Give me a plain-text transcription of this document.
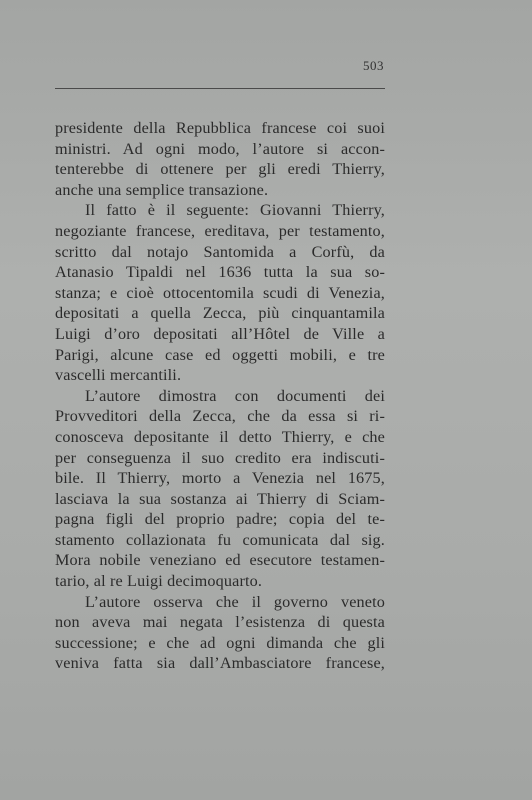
503
presidente della Repubblica francese coi suoi
ministri. Ad ogni modo, l’autore si accon-
tenterebbe di ottenere per gli eredi Thierry,
anche una semplice transazione.
Il fatto è il seguente: Giovanni Thierry,
negoziante francese, ereditava, per testamento,
scritto dal notajo Santomida a Corfù, da
Atanasio Tipaldi nel 1636 tutta la sua so-
stanza; e cioè ottocentomila scudi di Venezia,
depositati a quella Zecca, più cinquantamila
Luigi d’oro depositati all’Hôtel de Ville a
Parigi, alcune case ed oggetti mobili, e tre
vascelli mercantili.
L’autore dimostra con documenti dei
Provveditori della Zecca, che da essa si ri-
conosceva depositante il detto Thierry, e che
per conseguenza il suo credito era indiscuti-
bile. Il Thierry, morto a Venezia nel 1675,
lasciava la sua sostanza ai Thierry di Sciam-
pagna figli del proprio padre; copia del te-
stamento collazionata fu comunicata dal sig.
Mora nobile veneziano ed esecutore testamen-
tario, al re Luigi decimoquarto.
L’autore osserva che il governo veneto
non aveva mai negata l’esistenza di questa
successione; e che ad ogni dimanda che gli
veniva fatta sia dall’Ambasciatore francese,
